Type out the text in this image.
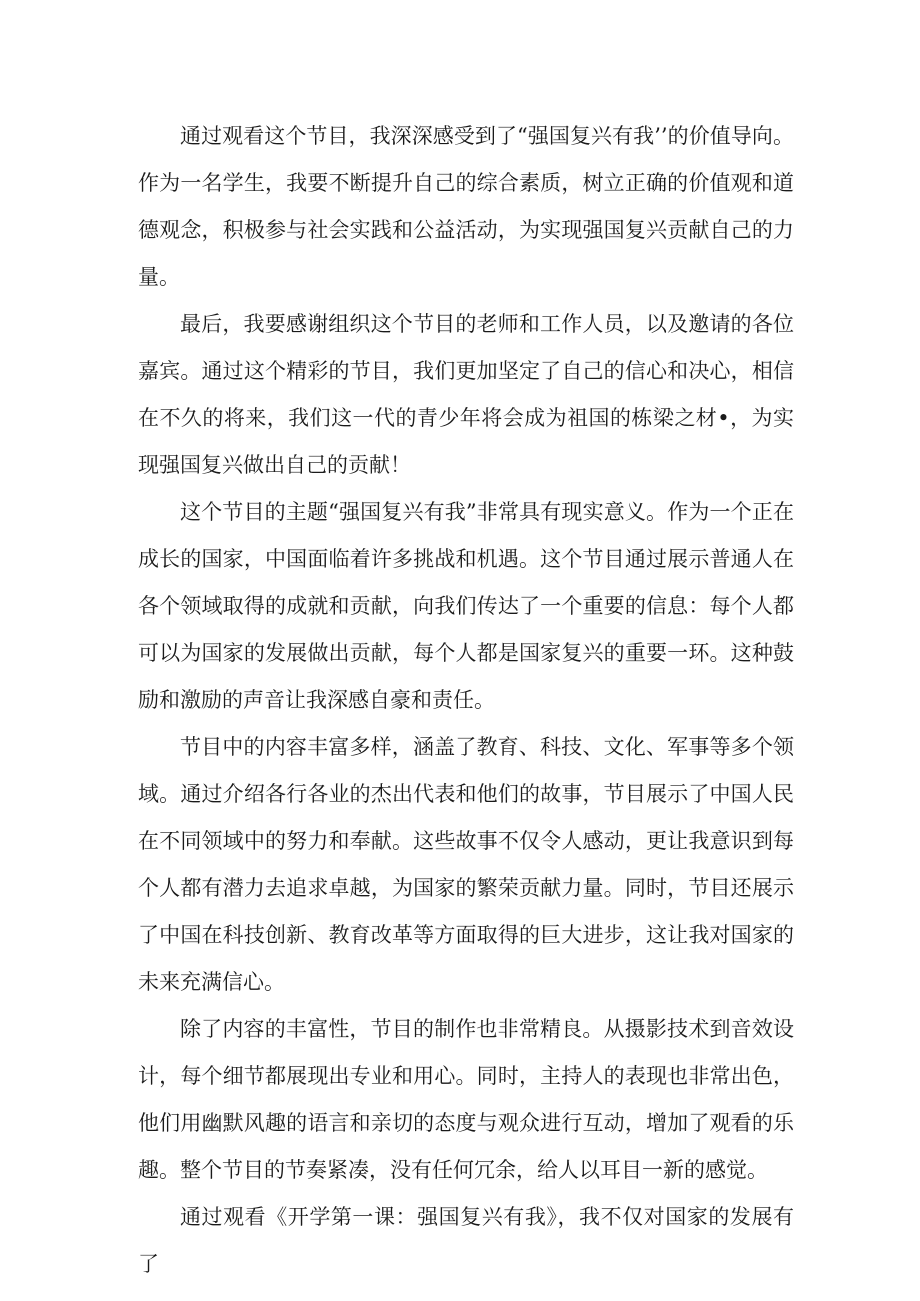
通过观看这个节目，我深深感受到了“强国复兴有我’’的价值导向。作为一名学生，我要不断提升自己的综合素质，树立正确的价值观和道德观念，积极参与社会实践和公益活动，为实现强国复兴贡献自己的力量。

最后，我要感谢组织这个节目的老师和工作人员，以及邀请的各位嘉宾。通过这个精彩的节目，我们更加坚定了自己的信心和决心，相信在不久的将来，我们这一代的青少年将会成为祖国的栋梁之材•，为实现强国复兴做出自己的贡献！

这个节目的主题“强国复兴有我”非常具有现实意义。作为一个正在成长的国家，中国面临着许多挑战和机遇。这个节目通过展示普通人在各个领域取得的成就和贡献，向我们传达了一个重要的信息：每个人都可以为国家的发展做出贡献，每个人都是国家复兴的重要一环。这种鼓励和激励的声音让我深感自豪和责任。

节目中的内容丰富多样，涵盖了教育、科技、文化、军事等多个领域。通过介绍各行各业的杰出代表和他们的故事，节目展示了中国人民在不同领域中的努力和奉献。这些故事不仅令人感动，更让我意识到每个人都有潜力去追求卓越，为国家的繁荣贡献力量。同时，节目还展示了中国在科技创新、教育改革等方面取得的巨大进步，这让我对国家的未来充满信心。

除了内容的丰富性，节目的制作也非常精良。从摄影技术到音效设计，每个细节都展现出专业和用心。同时，主持人的表现也非常出色，他们用幽默风趣的语言和亲切的态度与观众进行互动，增加了观看的乐趣。整个节目的节奏紧凑，没有任何冗余，给人以耳目一新的感觉。

通过观看《开学第一课：强国复兴有我》，我不仅对国家的发展有了
